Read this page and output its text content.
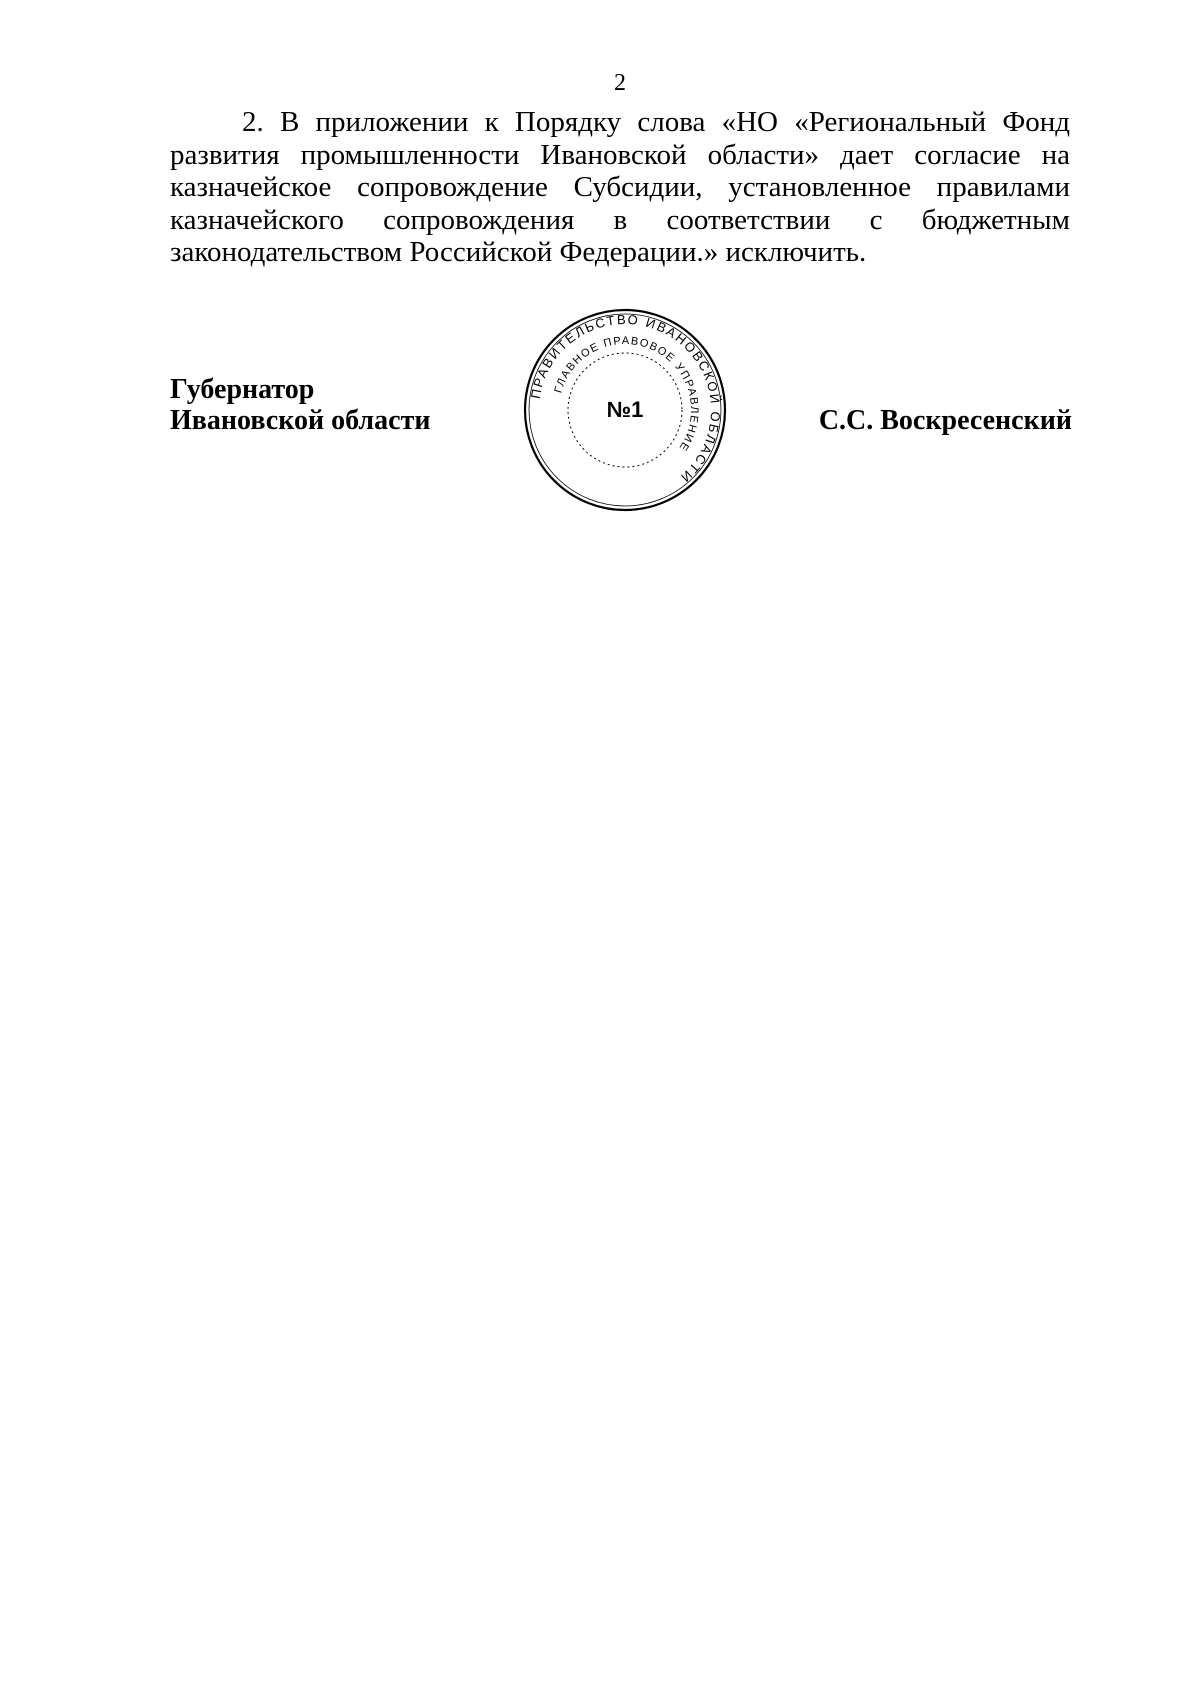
2

2. В приложении к Порядку слова «НО «Региональный Фонд развития промышленности Ивановской области» дает согласие на казначейское сопровождение Субсидии, установленное правилами казначейского сопровождения в соответствии с бюджетным законодательством Российской Федерации.» исключить.

Губернатор
Ивановской области
ПРАВИТЕЛЬСТВО ИВАНОВСКОЙ ОБЛАСТИ
ГЛАВНОЕ ПРАВОВОЕ УПРАВЛЕНИЕ
№1	С.С. Воскресенский
